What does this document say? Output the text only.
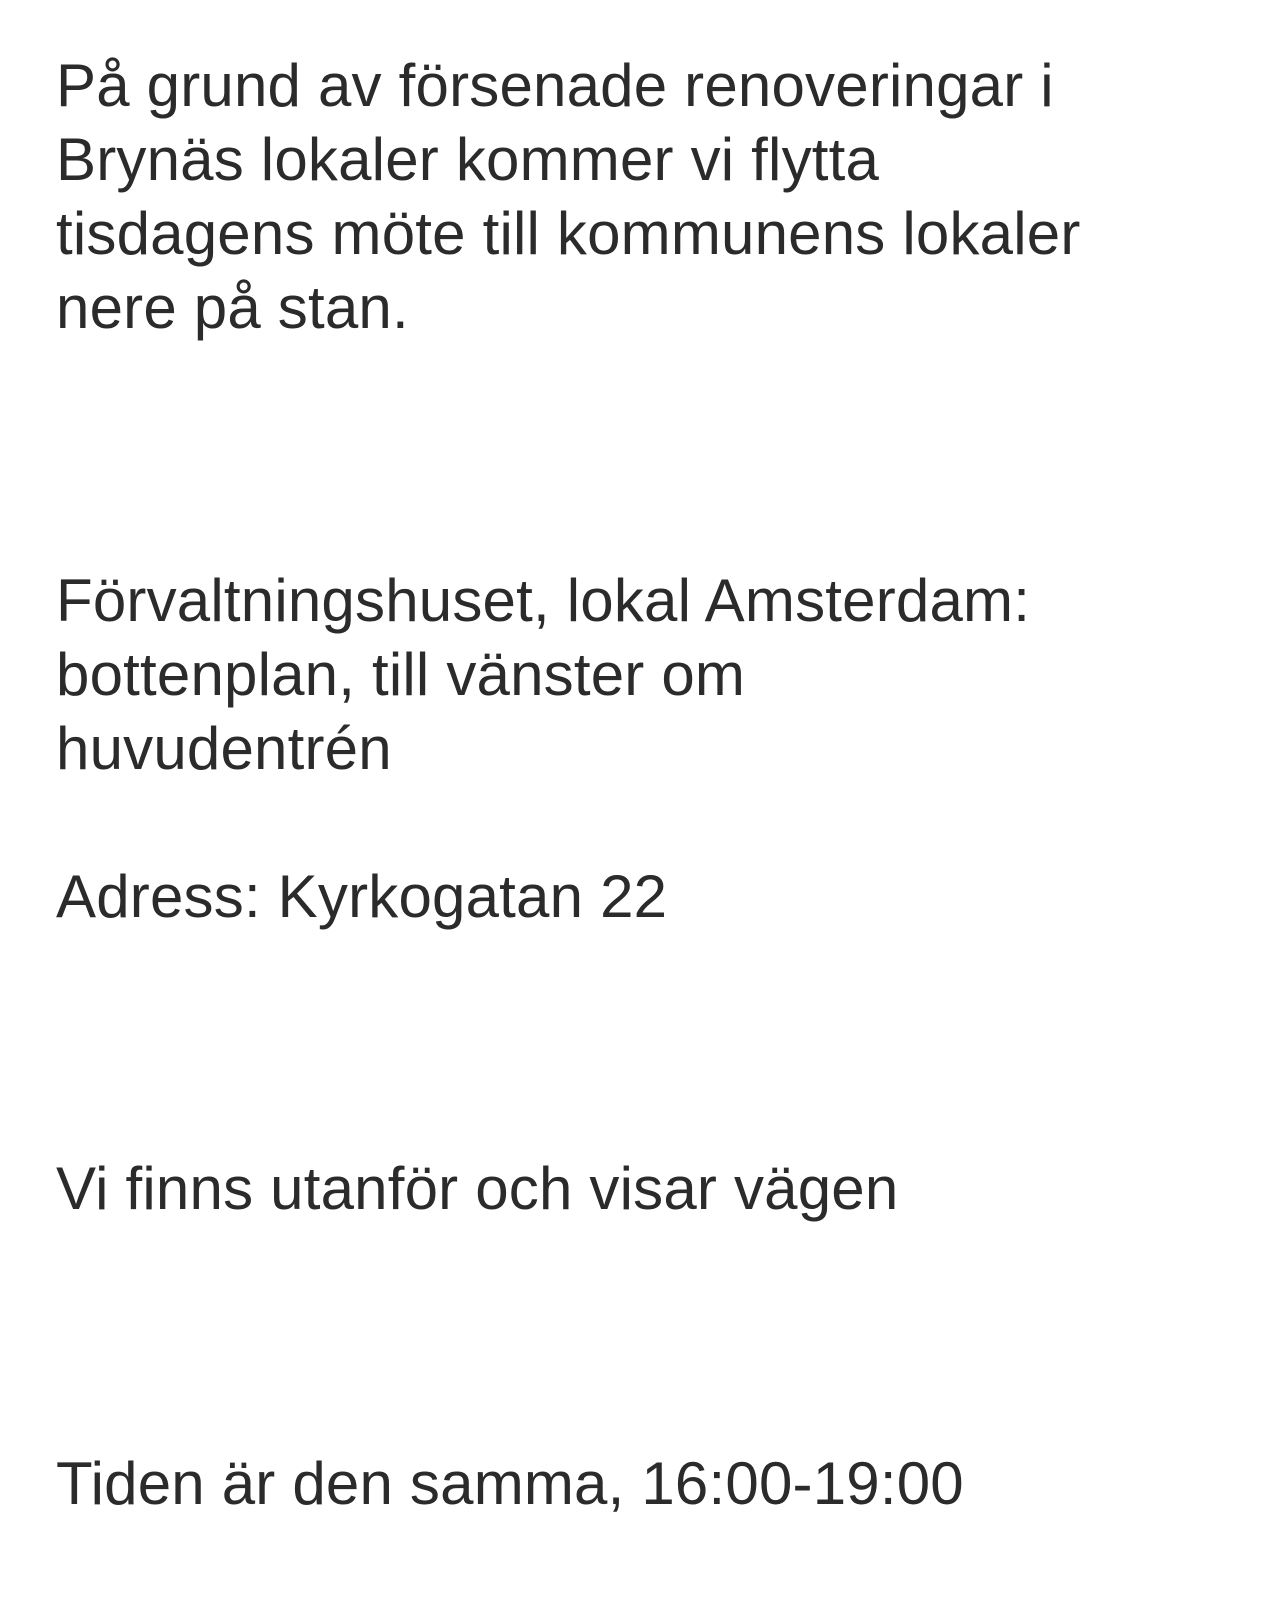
På grund av försenade renoveringar i
Brynäs lokaler kommer vi flytta
tisdagens möte till kommunens lokaler
nere på stan.
Förvaltningshuset, lokal Amsterdam:
bottenplan, till vänster om
huvudentrén
Adress: Kyrkogatan 22
Vi finns utanför och visar vägen
Tiden är den samma, 16:00-19:00
